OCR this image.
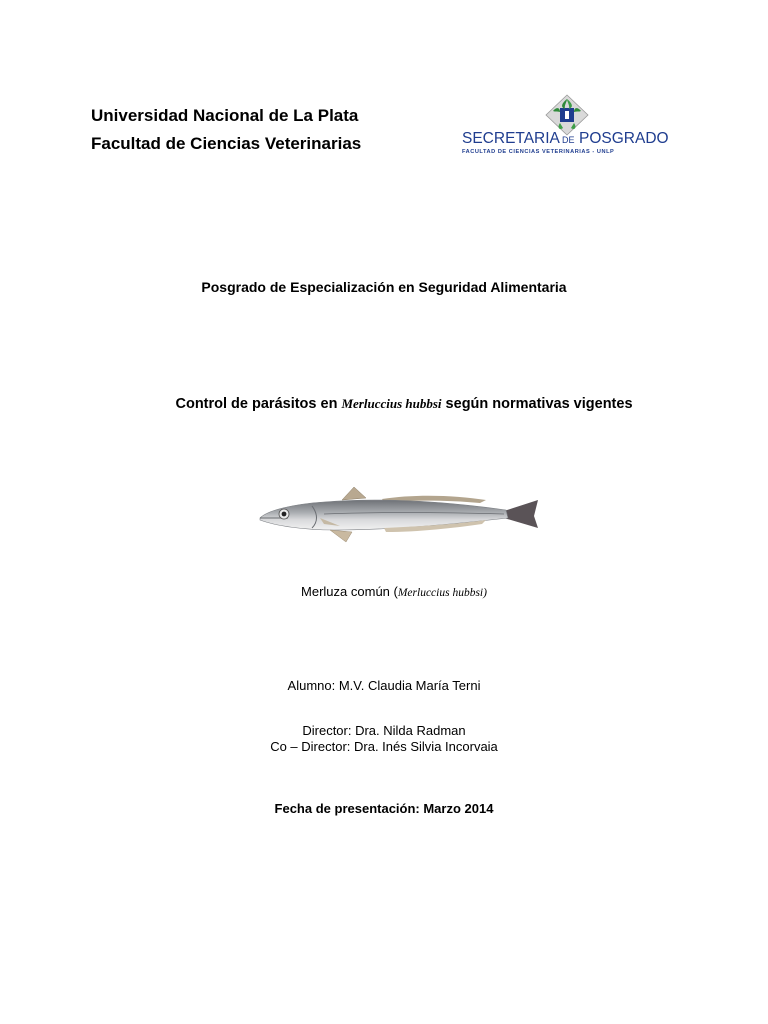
Universidad Nacional de La Plata
Facultad de Ciencias Veterinarias	SECRETARIA DE POSGRADO
FACULTAD DE CIENCIAS VETERINARIAS - UNLP
Posgrado de Especialización en Seguridad Alimentaria
Control de parásitos en Merluccius hubbsi según normativas vigentes
Merluza común (Merluccius hubbsi)
Alumno: M.V. Claudia María Terni
Director: Dra. Nilda Radman
Co – Director: Dra. Inés Silvia Incorvaia
Fecha de presentación: Marzo 2014
